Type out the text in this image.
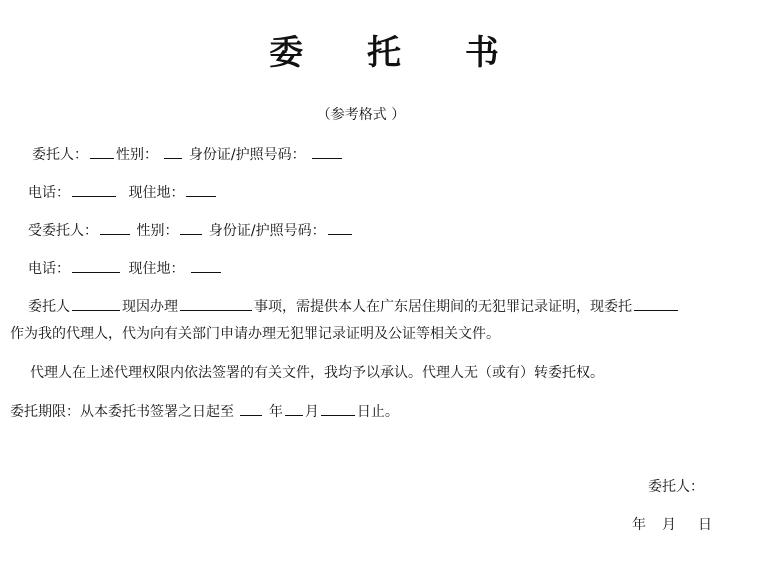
委 托 书
（参考格式 ）
委托人： 性别： 身份证/护照号码：
电话：	现住地：
受委托人：	性别： 身份证/护照号码：
电话：	现住地：
委托人	现因办理	事项，需提供本人在广东居住期间的无犯罪记录证明，现委托
作为我的代理人，代为向有关部门申请办理无犯罪记录证明及公证等相关文件。
代理人在上述代理权限内依法签署的有关文件，我均予以承认。代理人无（或有）转委托权。
委托期限：从本委托书签署之日起至 年 月	日止。
委托人：
年 月 日
